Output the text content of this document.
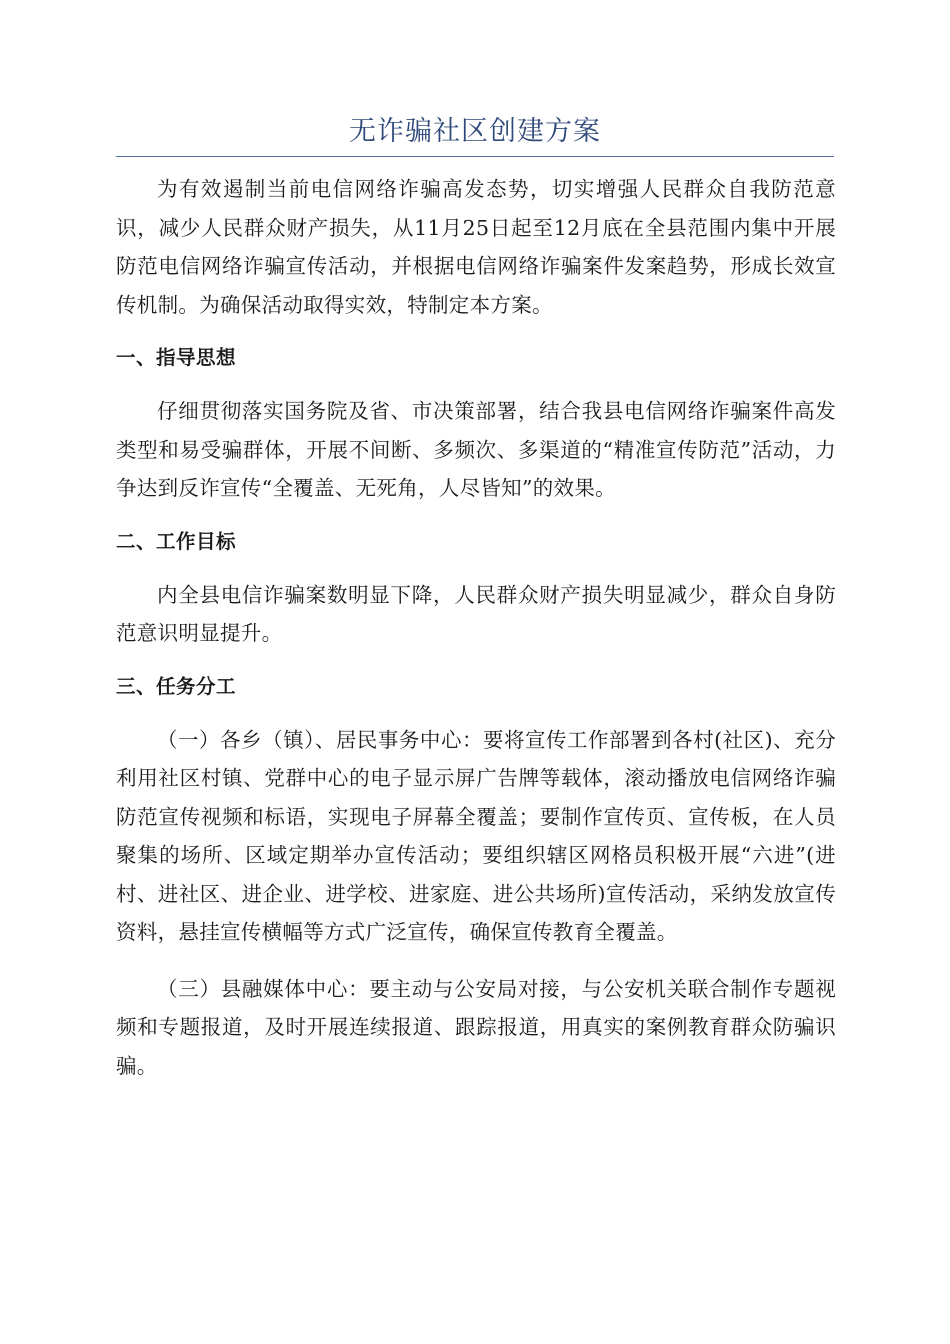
无诈骗社区创建方案

为有效遏制当前电信网络诈骗高发态势，切实增强人民群众自我防范意识，减少人民群众财产损失，从11月25日起至12月底在全县范围内集中开展防范电信网络诈骗宣传活动，并根据电信网络诈骗案件发案趋势，形成长效宣传机制。为确保活动取得实效，特制定本方案。

一、指导思想

仔细贯彻落实国务院及省、市决策部署，结合我县电信网络诈骗案件高发类型和易受骗群体，开展不间断、多频次、多渠道的“精准宣传防范”活动，力争达到反诈宣传“全覆盖、无死角，人尽皆知”的效果。

二、工作目标

内全县电信诈骗案数明显下降，人民群众财产损失明显减少，群众自身防范意识明显提升。

三、任务分工

（一）各乡（镇）、居民事务中心：要将宣传工作部署到各村(社区)、充分利用社区村镇、党群中心的电子显示屏广告牌等载体，滚动播放电信网络诈骗防范宣传视频和标语，实现电子屏幕全覆盖；要制作宣传页、宣传板，在人员聚集的场所、区域定期举办宣传活动；要组织辖区网格员积极开展“六进”(进村、进社区、进企业、进学校、进家庭、进公共场所)宣传活动，采纳发放宣传资料，悬挂宣传横幅等方式广泛宣传，确保宣传教育全覆盖。

（三）县融媒体中心：要主动与公安局对接，与公安机关联合制作专题视频和专题报道，及时开展连续报道、跟踪报道，用真实的案例教育群众防骗识骗。
